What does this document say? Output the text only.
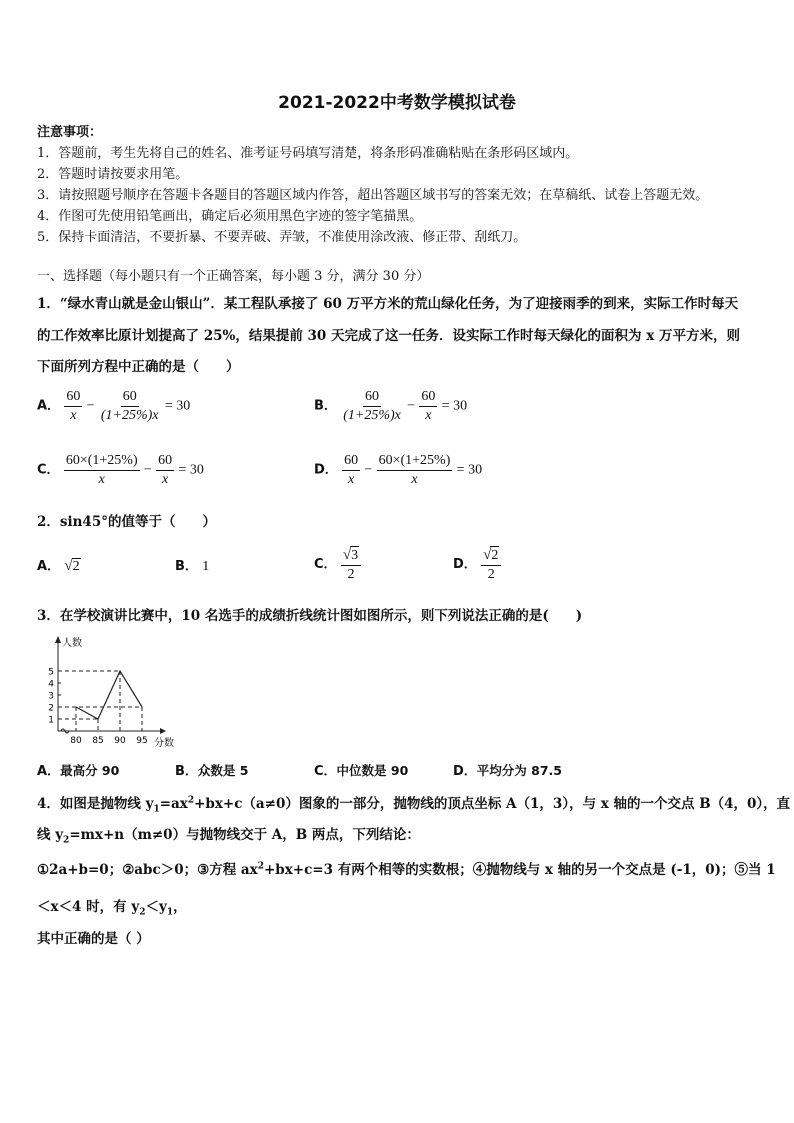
2021-2022中考数学模拟试卷
注意事项：
1．答题前，考生先将自己的姓名、准考证号码填写清楚，将条形码准确粘贴在条形码区域内。
2．答题时请按要求用笔。
3．请按照题号顺序在答题卡各题目的答题区域内作答，超出答题区域书写的答案无效；在草稿纸、试卷上答题无效。
4．作图可先使用铅笔画出，确定后必须用黑色字迹的签字笔描黑。
5．保持卡面清洁，不要折暴、不要弄破、弄皱，不准使用涂改液、修正带、刮纸刀。
一、选择题（每小题只有一个正确答案，每小题 3 分，满分 30 分）
1．“绿水青山就是金山银山”．某工程队承接了 60 万平方米的荒山绿化任务，为了迎接雨季的到来，实际工作时每天
的工作效率比原计划提高了 25%，结果提前 30 天完成了这一任务．设实际工作时每天绿化的面积为 x 万平方米，则
下面所列方程中正确的是（　　）
A． $\frac{60}{x} - \frac{60}{(1+25\%)x} = 30$	B． $\frac{60}{(1+25\%)x} - \frac{60}{x} = 30$
C． $\frac{60\times(1+25\%)}{x} - \frac{60}{x} = 30$	D． $\frac{60}{x} - \frac{60\times(1+25\%)}{x} = 30$
2．sin45°的值等于（　　）
A． √2	B． 1	C． $\frac{√3}{2}$	D． $\frac{√2}{2}$
3．在学校演讲比赛中，10 名选手的成绩折线统计图如图所示，则下列说法正确的是(　　)
人数
分数
1
2
3
4
5
80 85 90 95
A．最高分 90	B．众数是 5	C．中位数是 90	D．平均分为 87.5
4．如图是抛物线 $y_1=ax^2+bx+c(a\ne 0)$图象的一部分，抛物线的顶点坐标 A（1，3），与 x 轴的一个交点 B（4，0），直
线 $y_2=mx+n(m\ne 0)$与抛物线交于 A，B 两点，下列结论：
①2a+b=0；②abc＞0；③方程 $ax^2+bx+c=3$ 有两个相等的实数根；④抛物线与 x 轴的另一个交点是 (-1，0)；⑤当 1
＜x＜4 时，有 $y_2<y_1$，
其中正确的是（ ）
